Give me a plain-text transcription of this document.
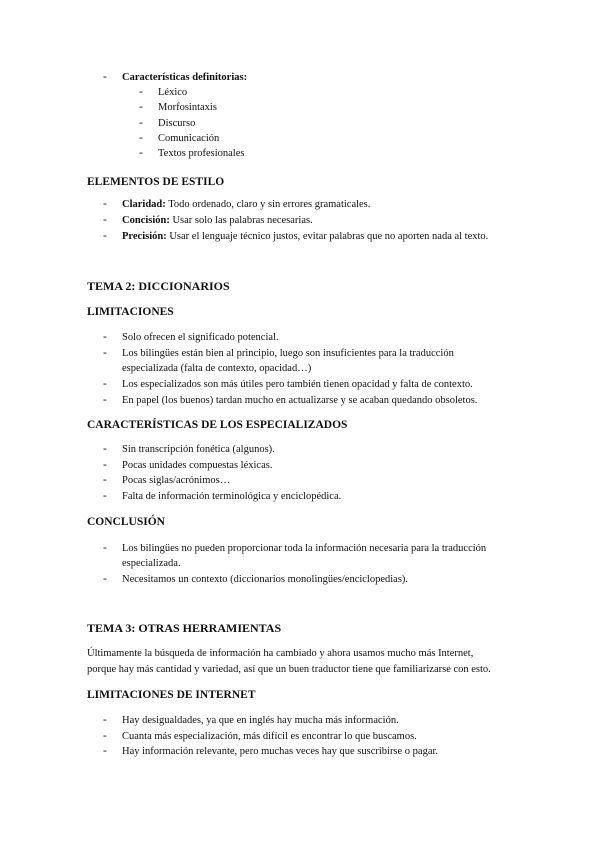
- Características definitorias:
- Léxico
- Morfosintaxis
- Discurso
- Comunicación
- Textos profesionales
ELEMENTOS DE ESTILO
- Claridad: Todo ordenado, claro y sin errores gramaticales.
- Concisión: Usar solo las palabras necesarias.
- Precisión: Usar el lenguaje técnico justos, evitar palabras que no aporten nada al texto.
TEMA 2: DICCIONARIOS
LIMITACIONES
- Solo ofrecen el significado potencial.
- Los bilingües están bien al principio, luego son insuficientes para la traducción
especializada (falta de contexto, opacidad…)
- Los especializados son más útiles pero también tienen opacidad y falta de contexto.
- En papel (los buenos) tardan mucho en actualizarse y se acaban quedando obsoletos.
CARACTERÍSTICAS DE LOS ESPECIALIZADOS
- Sin transcripción fonética (algunos).
- Pocas unidades compuestas léxicas.
- Pocas siglas/acrónimos…
- Falta de información terminológica y enciclopédica.
CONCLUSIÓN
- Los bilingües no pueden proporcionar toda la información necesaria para la traducción
especializada.
- Necesitamos un contexto (diccionarios monolingües/enciclopedias).
TEMA 3: OTRAS HERRAMIENTAS
Últimamente la búsqueda de información ha cambiado y ahora usamos mucho más Internet,
porque hay más cantidad y variedad, así que un buen traductor tiene que familiarizarse con esto.
LIMITACIONES DE INTERNET
- Hay desigualdades, ya que en inglés hay mucha más información.
- Cuanta más especialización, más difícil es encontrar lo que buscamos.
- Hay información relevante, pero muchas veces hay que suscribirse o pagar.
